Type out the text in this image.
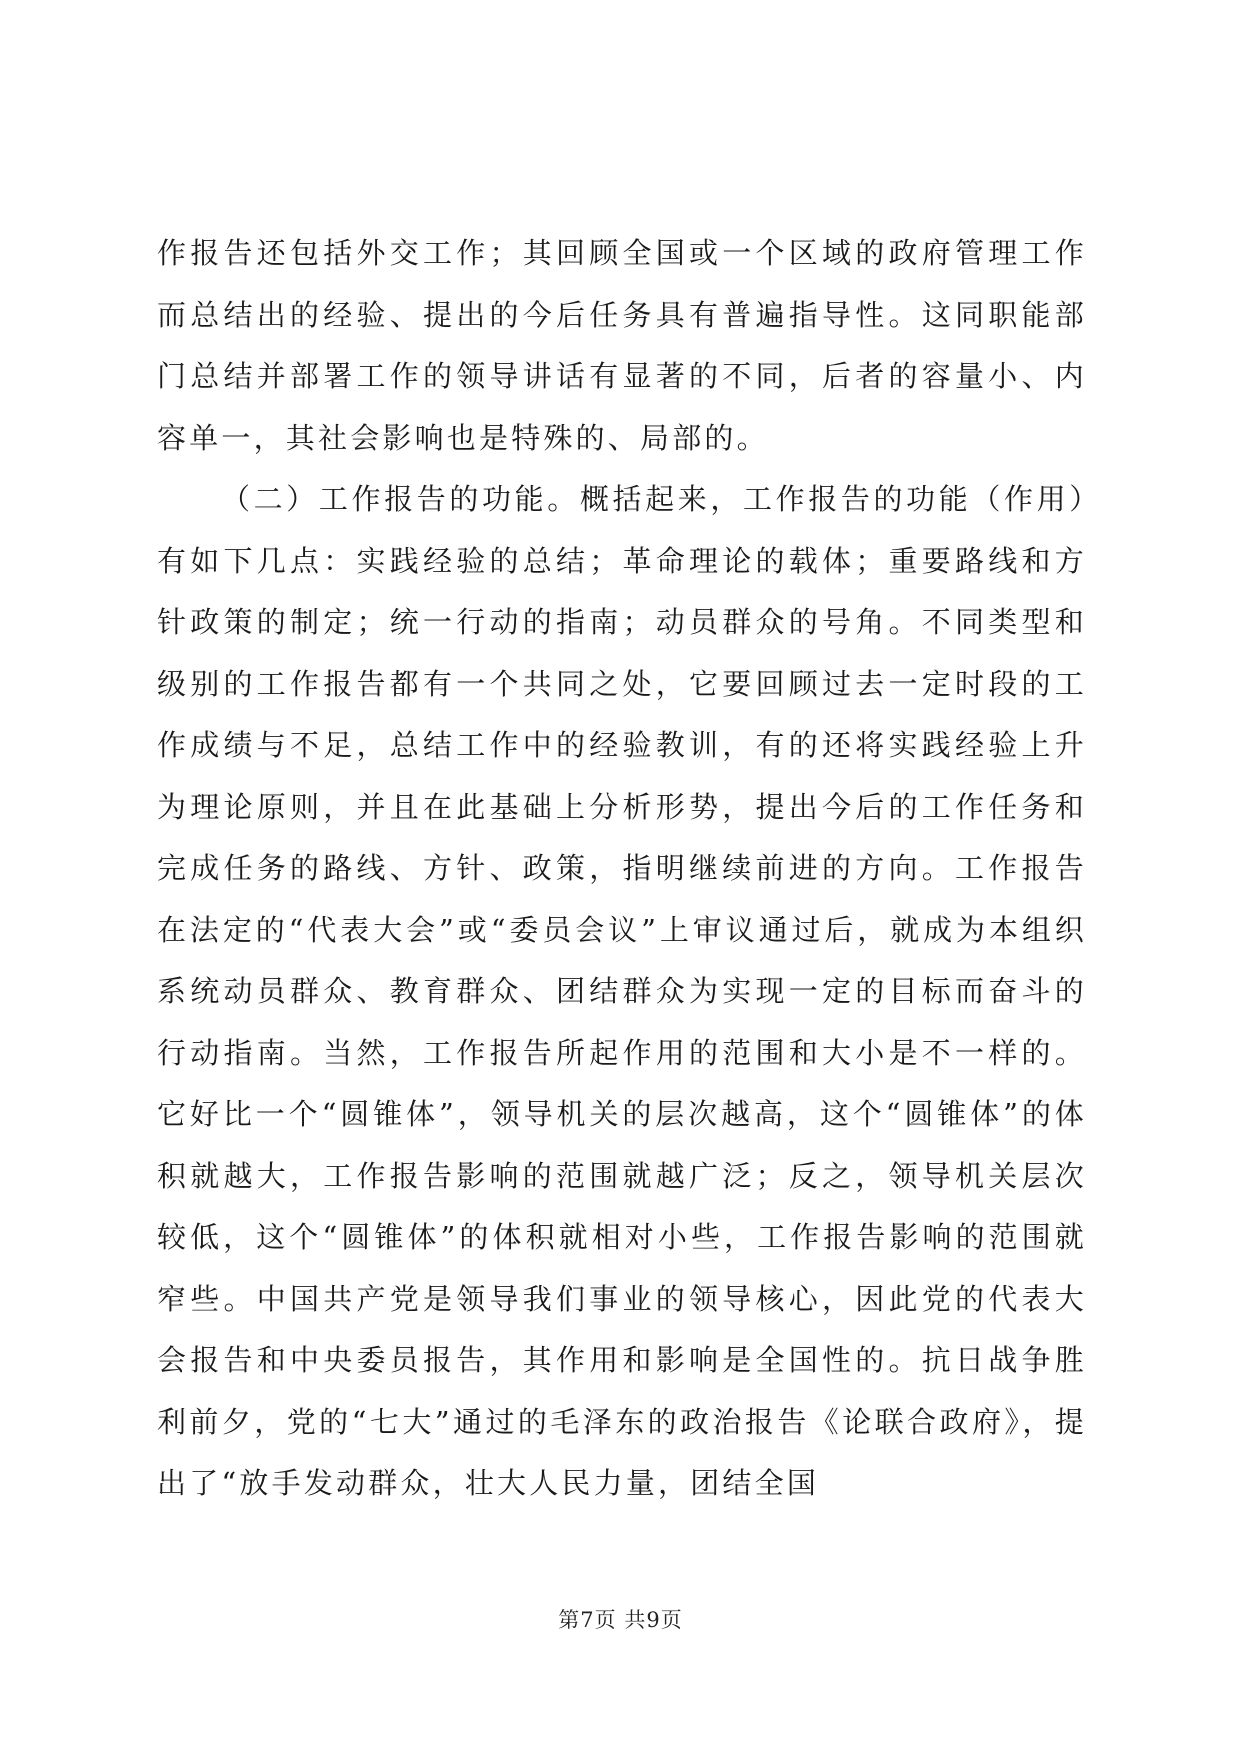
作报告还包括外交工作；其回顾全国或一个区域的政府管理工作而总结出的经验、提出的今后任务具有普遍指导性。这同职能部门总结并部署工作的领导讲话有显著的不同，后者的容量小、内容单一，其社会影响也是特殊的、局部的。

（二）工作报告的功能。概括起来，工作报告的功能（作用）有如下几点：实践经验的总结；革命理论的载体；重要路线和方针政策的制定；统一行动的指南；动员群众的号角。不同类型和级别的工作报告都有一个共同之处，它要回顾过去一定时段的工作成绩与不足，总结工作中的经验教训，有的还将实践经验上升为理论原则，并且在此基础上分析形势，提出今后的工作任务和完成任务的路线、方针、政策，指明继续前进的方向。工作报告在法定的“代表大会”或“委员会议”上审议通过后，就成为本组织系统动员群众、教育群众、团结群众为实现一定的目标而奋斗的行动指南。当然，工作报告所起作用的范围和大小是不一样的。它好比一个“圆锥体”，领导机关的层次越高，这个“圆锥体”的体积就越大，工作报告影响的范围就越广泛；反之，领导机关层次较低，这个“圆锥体”的体积就相对小些，工作报告影响的范围就窄些。中国共产党是领导我们事业的领导核心，因此党的代表大会报告和中央委员报告，其作用和影响是全国性的。抗日战争胜利前夕，党的“七大”通过的毛泽东的政治报告《论联合政府》，提出了“放手发动群众，壮大人民力量，团结全国

第7页 共9页
